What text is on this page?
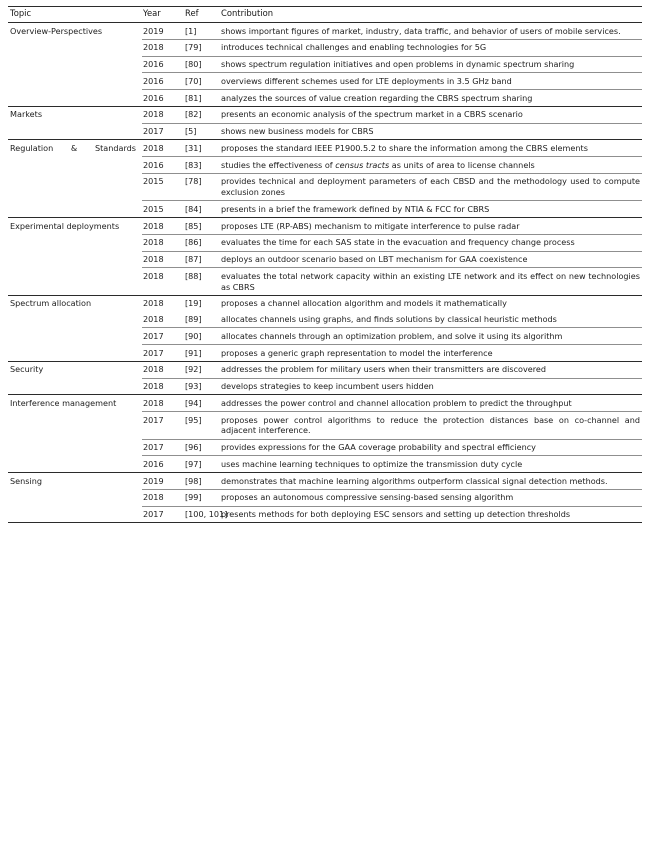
Topic	Year	Ref	Contribution

Overview-Perspectives	2019	[1]	shows important figures of market, industry, data traffic, and behavior of users of mobile services.

	2018	[79]	introduces technical challenges and enabling technologies for 5G

	2016	[80]	shows spectrum regulation initiatives and open problems in dynamic spectrum sharing

	2016	[70]	overviews different schemes used for LTE deployments in 3.5 GHz band

	2016	[81]	analyzes the sources of value creation regarding the CBRS spectrum sharing

Markets	2018	[82]	presents an economic analysis of the spectrum market in a CBRS scenario

	2017	[5]	shows new business models for CBRS

Regulation & Standards	2018	[31]	proposes the standard IEEE P1900.5.2 to share the information among the CBRS elements

	2016	[83]	studies the effectiveness of census tracts as units of area to license channels

	2015	[78]	provides technical and deployment parameters of each CBSD and the methodology used to compute exclusion zones

	2015	[84]	presents in a brief the framework defined by NTIA & FCC for CBRS

Experimental deployments	2018	[85]	proposes LTE (RP-ABS) mechanism to mitigate interference to pulse radar

	2018	[86]	evaluates the time for each SAS state in the evacuation and frequency change process

	2018	[87]	deploys an outdoor scenario based on LBT mechanism for GAA coexistence

	2018	[88]	evaluates the total network capacity within an existing LTE network and its effect on new technologies as CBRS

Spectrum allocation	2018	[19]	proposes a channel allocation algorithm and models it mathematically

	2018	[89]	allocates channels using graphs, and finds solutions by classical heuristic methods

	2017	[90]	allocates channels through an optimization problem, and solve it using its algorithm

	2017	[91]	proposes a generic graph representation to model the interference

Security	2018	[92]	addresses the problem for military users when their transmitters are discovered

	2018	[93]	develops strategies to keep incumbent users hidden

Interference management	2018	[94]	addresses the power control and channel allocation problem to predict the throughput

	2017	[95]	proposes power control algorithms to reduce the protection distances base on co-channel and adjacent interference.

	2017	[96]	provides expressions for the GAA coverage probability and spectral efficiency

	2016	[97]	uses machine learning techniques to optimize the transmission duty cycle

Sensing	2019	[98]	demonstrates that machine learning algorithms outperform classical signal detection methods.

	2018	[99]	proposes an autonomous compressive sensing-based sensing algorithm

	2017	[100, 101]	presents methods for both deploying ESC sensors and setting up detection thresholds
